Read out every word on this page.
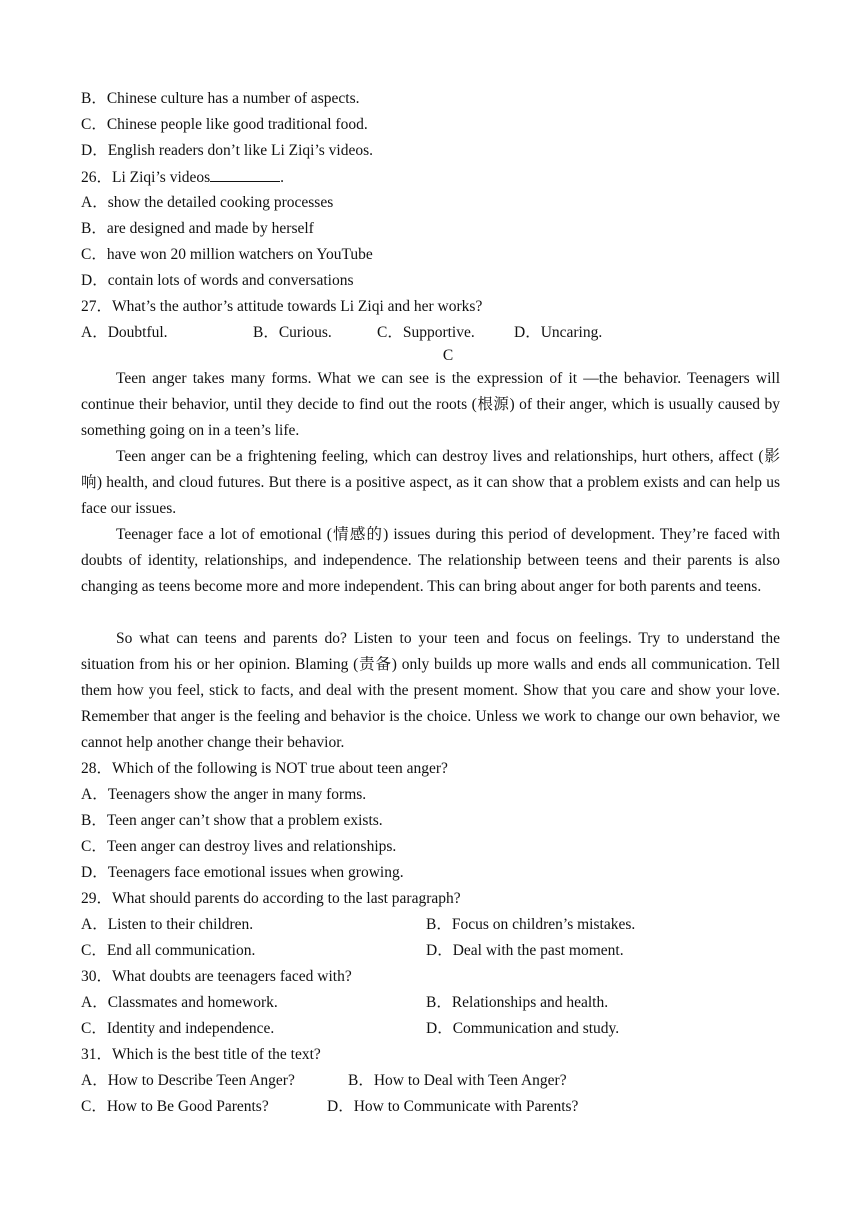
B．Chinese culture has a number of aspects.
C．Chinese people like good traditional food.
D．English readers don’t like Li Ziqi’s videos.
26．Li Ziqi’s videos	.
A．show the detailed cooking processes
B．are designed and made by herself
C．have won 20 million watchers on YouTube
D．contain lots of words and conversations
27．What’s the author’s attitude towards Li Ziqi and her works?
A．Doubtful.	B．Curious.	C．Supportive.	D．Uncaring.
C
Teen anger takes many forms. What we can see is the expression of it —the behavior. Teenagers will continue their behavior, until they decide to find out the roots (根源) of their anger, which is usually caused by something going on in a teen’s life.
Teen anger can be a frightening feeling, which can destroy lives and relationships, hurt others, affect (影响) health, and cloud futures. But there is a positive aspect, as it can show that a problem exists and can help us face our issues.
Teenager face a lot of emotional (情感的) issues during this period of development. They’re faced with doubts of identity, relationships, and independence. The relationship between teens and their parents is also changing as teens become more and more independent. This can bring about anger for both parents and teens.
So what can teens and parents do? Listen to your teen and focus on feelings. Try to understand the situation from his or her opinion. Blaming (责备) only builds up more walls and ends all communication. Tell them how you feel, stick to facts, and deal with the present moment. Show that you care and show your love. Remember that anger is the feeling and behavior is the choice. Unless we work to change our own behavior, we cannot help another change their behavior.
28．Which of the following is NOT true about teen anger?
A．Teenagers show the anger in many forms.
B．Teen anger can’t show that a problem exists.
C．Teen anger can destroy lives and relationships.
D．Teenagers face emotional issues when growing.
29．What should parents do according to the last paragraph?
A．Listen to their children.	B．Focus on children’s mistakes.
C．End all communication.	D．Deal with the past moment.
30．What doubts are teenagers faced with?
A．Classmates and homework.	B．Relationships and health.
C．Identity and independence.	D．Communication and study.
31．Which is the best title of the text?
A．How to Describe Teen Anger?	B．How to Deal with Teen Anger?
C．How to Be Good Parents?	D．How to Communicate with Parents?
